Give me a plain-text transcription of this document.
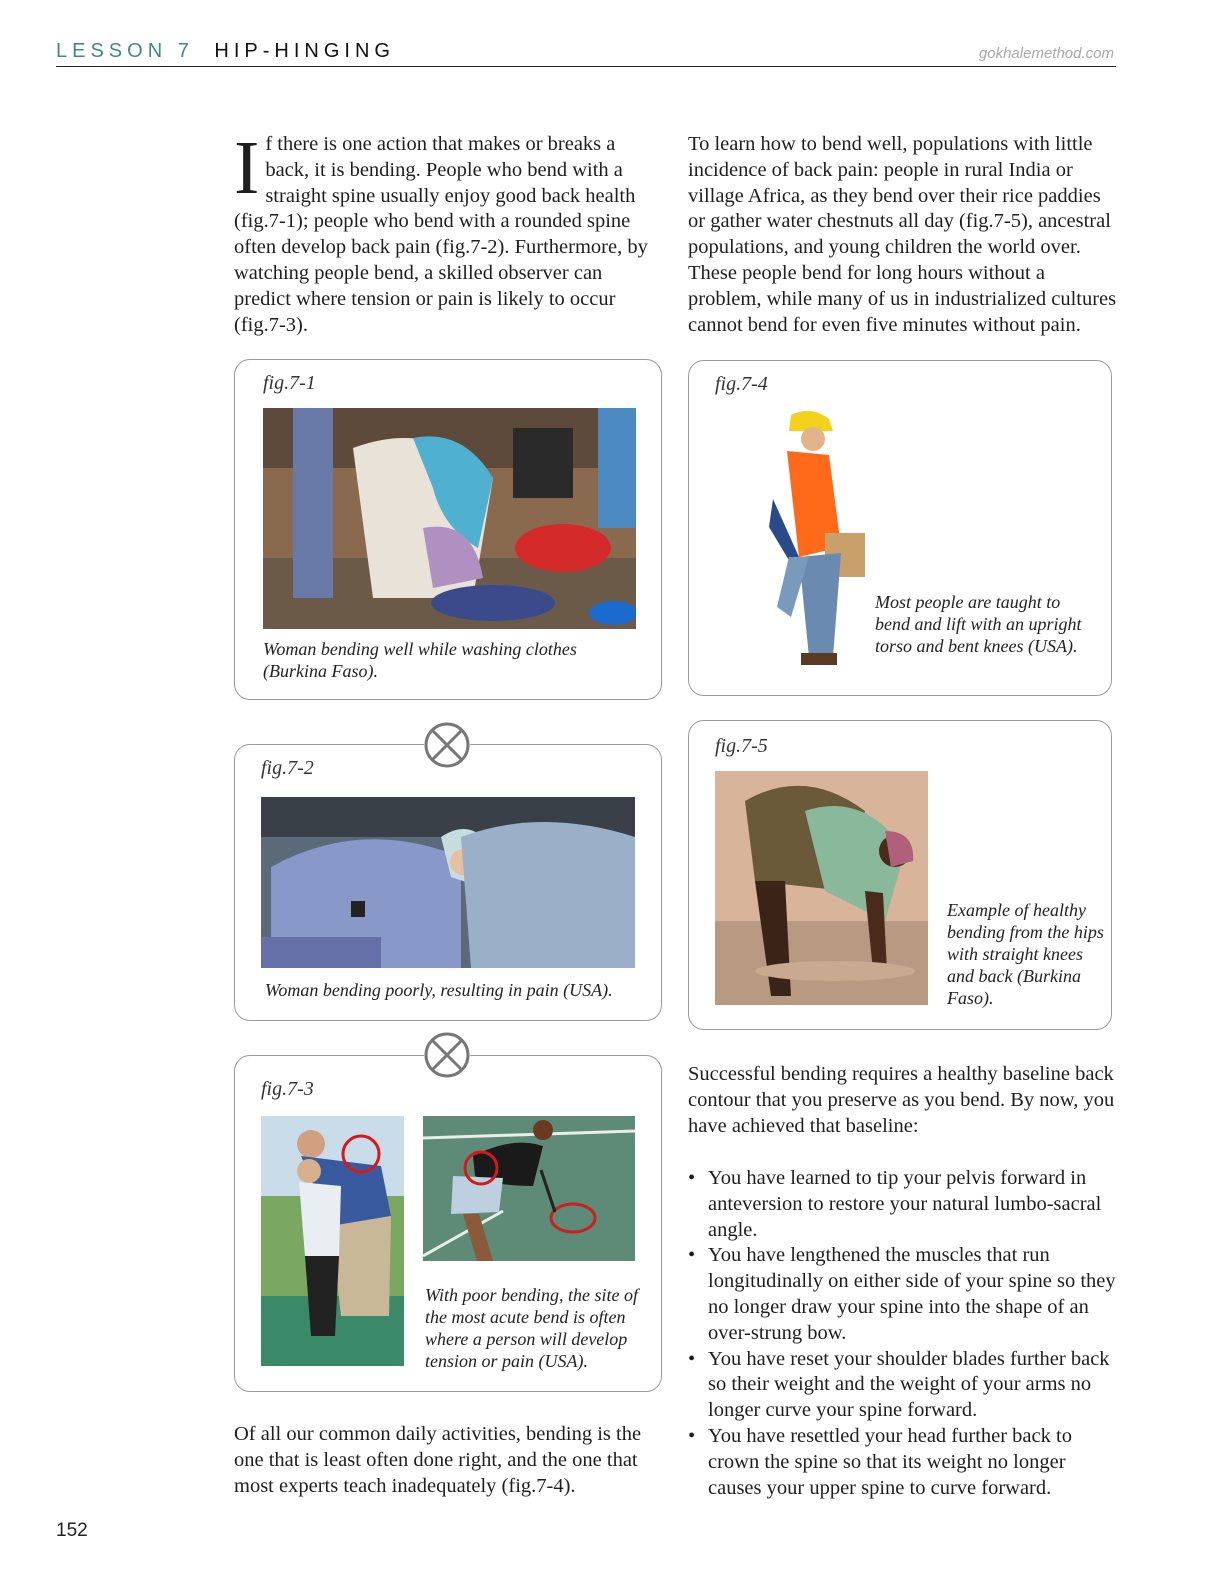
LESSON 7 HIP-HINGING	gokhalemethod.com

If there is one action that makes or breaks a back, it is bending. People who bend with a straight spine usually enjoy good back health (fig.7-1); people who bend with a rounded spine often develop back pain (fig.7-2). Furthermore, by watching people bend, a skilled observer can predict where tension or pain is likely to occur (fig.7-3).

To learn how to bend well, populations with little incidence of back pain: people in rural India or village Africa, as they bend over their rice paddies or gather water chestnuts all day (fig.7-5), ancestral populations, and young children the world over. These people bend for long hours without a problem, while many of us in industrialized cultures cannot bend for even five minutes without pain.

fig.7-1

Woman bending well while washing clothes (Burkina Faso).

fig.7-2

Woman bending poorly, resulting in pain (USA).

fig.7-3

With poor bending, the site of the most acute bend is often where a person will develop tension or pain (USA).

fig.7-4

Most people are taught to bend and lift with an upright torso and bent knees (USA).

fig.7-5

Example of healthy bending from the hips with straight knees and back (Burkina Faso).

Of all our common daily activities, bending is the one that is least often done right, and the one that most experts teach inadequately (fig.7-4).

Successful bending requires a healthy baseline back contour that you preserve as you bend. By now, you have achieved that baseline:

• You have learned to tip your pelvis forward in anteversion to restore your natural lumbo-sacral angle.
• You have lengthened the muscles that run longitudinally on either side of your spine so they no longer draw your spine into the shape of an over-strung bow.
• You have reset your shoulder blades further back so their weight and the weight of your arms no longer curve your spine forward.
• You have resettled your head further back to crown the spine so that its weight no longer causes your upper spine to curve forward.
152
